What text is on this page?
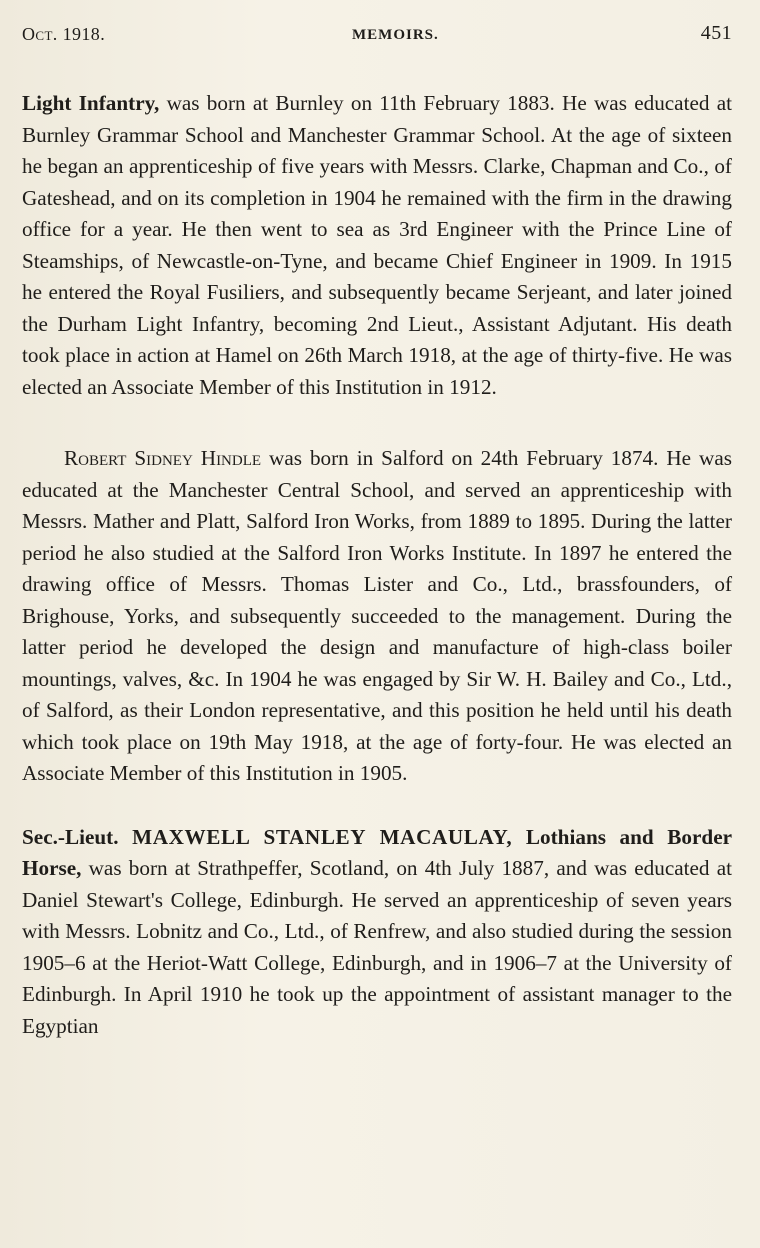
Oct. 1918.	MEMOIRS.	451

Light Infantry, was born at Burnley on 11th February 1883. He was educated at Burnley Grammar School and Manchester Grammar School. At the age of sixteen he began an apprenticeship of five years with Messrs. Clarke, Chapman and Co., of Gateshead, and on its completion in 1904 he remained with the firm in the drawing office for a year. He then went to sea as 3rd Engineer with the Prince Line of Steamships, of Newcastle-on-Tyne, and became Chief Engineer in 1909. In 1915 he entered the Royal Fusiliers, and subsequently became Serjeant, and later joined the Durham Light Infantry, becoming 2nd Lieut., Assistant Adjutant. His death took place in action at Hamel on 26th March 1918, at the age of thirty-five. He was elected an Associate Member of this Institution in 1912.

Robert Sidney Hindle was born in Salford on 24th February 1874. He was educated at the Manchester Central School, and served an apprenticeship with Messrs. Mather and Platt, Salford Iron Works, from 1889 to 1895. During the latter period he also studied at the Salford Iron Works Institute. In 1897 he entered the drawing office of Messrs. Thomas Lister and Co., Ltd., brassfounders, of Brighouse, Yorks, and subsequently succeeded to the management. During the latter period he developed the design and manufacture of high-class boiler mountings, valves, &c. In 1904 he was engaged by Sir W. H. Bailey and Co., Ltd., of Salford, as their London representative, and this position he held until his death which took place on 19th May 1918, at the age of forty-four. He was elected an Associate Member of this Institution in 1905.

Sec.-Lieut. MAXWELL STANLEY MACAULAY, Lothians and Border Horse, was born at Strathpeffer, Scotland, on 4th July 1887, and was educated at Daniel Stewart's College, Edinburgh. He served an apprenticeship of seven years with Messrs. Lobnitz and Co., Ltd., of Renfrew, and also studied during the session 1905–6 at the Heriot-Watt College, Edinburgh, and in 1906–7 at the University of Edinburgh. In April 1910 he took up the appointment of assistant manager to the Egyptian
